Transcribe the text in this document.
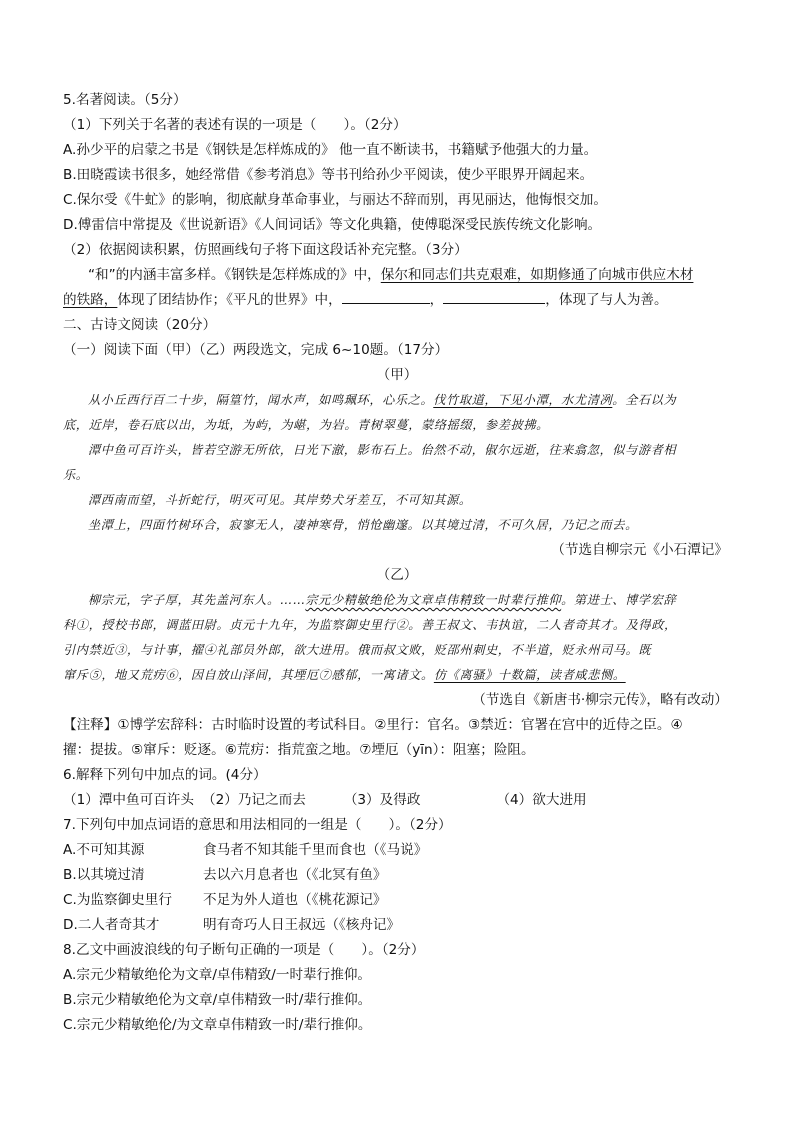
5.名著阅读。（5分）
（1）下列关于名著的表述有误的一项是（　　）。（2分）
A.孙少平的启蒙之书是《钢铁是怎样炼成的》 他一直不断读书，书籍赋予他强大的力量。
B.田晓霞读书很多，她经常借《参考消息》等书刊给孙少平阅读，使少平眼界开阔起来。
C.保尔受《牛虻》的影响，彻底献身革命事业，与丽达不辞而别，再见丽达，他悔恨交加。
D.傅雷信中常提及《世说新语》《人间词话》等文化典籍，使傅聪深受民族传统文化影响。
（2）依据阅读积累，仿照画线句子将下面这段话补充完整。（3分）
“和”的内涵丰富多样。《钢铁是怎样炼成的》中，保尔和同志们共克艰难，如期修通了向城市供应木材
的铁路，体现了团结协作；《平凡的世界》中，	，	，体现了与人为善。
二、古诗文阅读（20分）
（一）阅读下面（甲）（乙）两段选文，完成 6~10题。（17分）
（甲）
从小丘西行百二十步，隔篁竹，闻水声，如鸣珮环，心乐之。伐竹取道，下见小潭，水尤清冽。全石以为
底，近岸，卷石底以出，为坻，为屿，为嵁，为岩。青树翠蔓，蒙络摇缀，参差披拂。
潭中鱼可百许头，皆若空游无所依，日光下澈，影布石上。佁然不动，俶尔远逝，往来翕忽，似与游者相
乐。
潭西南而望，斗折蛇行，明灭可见。其岸势犬牙差互，不可知其源。
坐潭上，四面竹树环合，寂寥无人，凄神寒骨，悄怆幽邃。以其境过清，不可久居，乃记之而去。
（节选自柳宗元《小石潭记》
（乙）
柳宗元，字子厚，其先盖河东人。……宗元少精敏绝伦为文章卓伟精致一时辈行推仰。第进士、博学宏辞
科①，授校书郎，调蓝田尉。贞元十九年，为监察御史里行②。善王叔文、韦执谊，二人者奇其才。及得政，
引内禁近③，与计事，擢④礼部员外郎，欲大进用。俄而叔文败，贬邵州刺史，不半道，贬永州司马。既
窜斥⑤，地又荒疠⑥，因自放山泽间，其堙厄⑦感郁，一寓诸文。仿《离骚》十数篇，读者咸悲恻。
（节选自《新唐书·柳宗元传》，略有改动）
【注释】①博学宏辞科：古时临时设置的考试科目。②里行：官名。③禁近：官署在宫中的近侍之臣。④
擢：提拔。⑤窜斥：贬逐。⑥荒疠：指荒蛮之地。⑦堙厄（yīn）：阻塞；险阻。
6.解释下列句中加点的词。(4分）
（1）潭中鱼可百许头 （2）乃记之而去	（3）及得政	（4）欲大进用
7.下列句中加点词语的意思和用法相同的一组是（　　）。（2分）
A.不可知其源	食马者不知其能千里而食也（《马说》
B.以其境过清	去以六月息者也（《北冥有鱼》
C.为监察御史里行 不足为外人道也（《桃花源记》
D.二人者奇其才	明有奇巧人日王叔远（《核舟记》
8.乙文中画波浪线的句子断句正确的一项是（　　）。（2分）
A.宗元少精敏绝伦为文章/卓伟精致/一时辈行推仰。
B.宗元少精敏绝伦为文章/卓伟精致一时/辈行推仰。
C.宗元少精敏绝伦/为文章卓伟精致一时/辈行推仰。
